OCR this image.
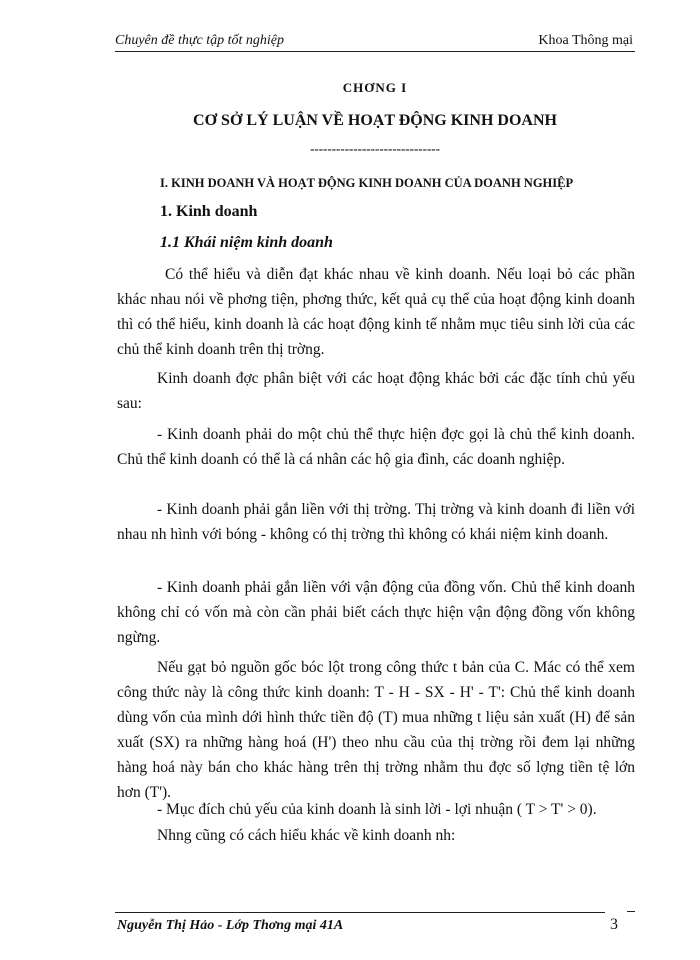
Chuyên đề thực tập tốt nghiệp	Khoa Thông mại
CHƠNG I
CƠ SỞ LÝ LUẬN VỀ HOẠT ĐỘNG KINH DOANH
------------------------------
I. KINH DOANH VÀ HOẠT ĐỘNG KINH DOANH CỦA DOANH NGHIỆP
1. Kinh doanh
1.1 Khái niệm kinh doanh
Có thể hiểu và diễn đạt khác nhau về kinh doanh. Nếu loại bỏ các phần khác nhau nói về phơng tiện, phơng thức, kết quả cụ thể của hoạt động kinh doanh thì có thể hiểu, kinh doanh là các hoạt động kinh tế nhằm mục tiêu sinh lời của các chủ thể kinh doanh trên thị trờng.
Kinh doanh đợc phân biệt với các hoạt động khác bởi các đặc tính chủ yếu sau:
- Kinh doanh phải do một chủ thể thực hiện đợc gọi là chủ thể kinh doanh. Chủ thể kinh doanh có thể là cá nhân các hộ gia đình, các doanh nghiệp.
- Kinh doanh phải gắn liền với thị trờng. Thị trờng và kinh doanh đi liền với nhau nh hình với bóng - không có thị trờng thì không có khái niệm kinh doanh.
- Kinh doanh phải gắn liền với vận động của đồng vốn. Chủ thể kinh doanh không chỉ có vốn mà còn cần phải biết cách thực hiện vận động đồng vốn không ngừng.
Nếu gạt bỏ nguồn gốc bóc lột trong công thức t bản của C. Mác có thể xem công thức này là công thức kinh doanh: T - H - SX - H' - T': Chủ thể kinh doanh dùng vốn của mình dới hình thức tiền độ (T) mua những t liệu sản xuất (H) để sản xuất (SX) ra những hàng hoá (H') theo nhu cầu của thị trờng rồi đem lại những hàng hoá này bán cho khác hàng trên thị trờng nhằm thu đợc số lợng tiền tệ lớn hơn (T').
- Mục đích chủ yếu của kinh doanh là sinh lời - lợi nhuận ( T > T' > 0).
Nhng cũng có cách hiểu khác về kinh doanh nh:
Nguyễn Thị Hảo - Lớp Thơng mại 41A	3
